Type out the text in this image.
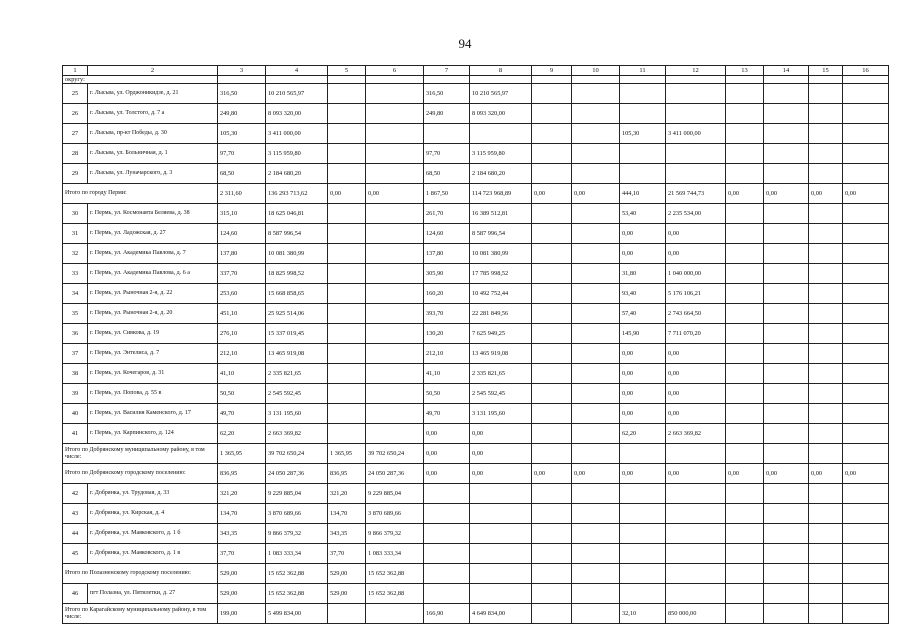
94
1	2	3	4	5	6	7	8	9	10	11	12	13	14	15	16
округу:															
25	г. Лысьва, ул. Орджоникидзе, д. 21	316,50	10 210 565,97			316,50	10 210 565,97								
26	г. Лысьва, ул. Толстого, д. 7 а	249,80	8 093 320,00			249,80	8 093 320,00								
27	г. Лысьва, пр-кт Победы, д. 30	105,30	3 411 000,00							105,30	3 411 000,00				
28	г. Лысьва, ул. Больничная, д. 1	97,70	3 115 959,80			97,70	3 115 959,80								
29	г. Лысьва, ул. Луначарского, д. 3	68,50	2 184 680,20			68,50	2 184 680,20								
Итого по городу Перми:		2 311,60	136 293 713,62	0,00	0,00	1 867,50	114 723 968,89	0,00	0,00	444,10	21 569 744,73	0,00	0,00	0,00	0,00
30	г. Пермь, ул. Космонавта Беляева, д. 38	315,10	18 625 046,81			261,70	16 389 512,81			53,40	2 235 534,00				
31	г. Пермь, ул. Ладожская, д. 27	124,60	8 587 996,54			124,60	8 587 996,54			0,00	0,00				
32	г. Пермь, ул. Академика Павлова, д. 7	137,80	10 081 380,99			137,80	10 081 380,99			0,00	0,00				
33	г. Пермь, ул. Академика Павлова, д. 6 а	337,70	18 825 998,52			305,90	17 785 998,52			31,80	1 040 000,00				
34	г. Пермь, ул. Рыночная 2-я, д. 22	253,60	15 668 858,65			160,20	10 492 752,44			93,40	5 176 106,21				
35	г. Пермь, ул. Рыночная 2-я, д. 20	451,10	25 925 514,06			393,70	22 281 849,56			57,40	2 743 664,50				
36	г. Пермь, ул. Сивкова, д. 19	276,10	15 337 019,45			130,20	7 625 949,25			145,90	7 711 070,20				
37	г. Пермь, ул. Энтелиса, д. 7	212,10	13 465 919,08			212,10	13 465 919,08			0,00	0,00				
38	г. Пермь, ул. Кочегаров, д. 31	41,10	2 335 821,65			41,10	2 335 821,65			0,00	0,00				
39	г. Пермь, ул. Попова, д. 55 в	50,50	2 545 592,45			50,50	2 545 592,45			0,00	0,00				
40	г. Пермь, ул. Василия Каменского, д. 17	49,70	3 131 195,60			49,70	3 131 195,60			0,00	0,00				
41	г. Пермь, ул. Карпинского, д. 124	62,20	2 663 369,82			0,00	0,00			62,20	2 663 369,82				
Итого по Добрянскому муниципальному району, в том числе:		1 365,95	39 702 650,24	1 365,95	39 702 650,24	0,00	0,00								
Итого по Добрянскому городскому поселению:		836,95	24 050 287,36	836,95	24 050 287,36	0,00	0,00	0,00	0,00	0,00	0,00	0,00	0,00	0,00	0,00
42	г. Добрянка, ул. Трудовая, д. 33	321,20	9 229 885,04	321,20	9 229 885,04										
43	г. Добрянка, ул. Кирская, д. 4	134,70	3 870 689,66	134,70	3 870 689,66										
44	г. Добрянка, ул. Маяковского, д. 1 б	343,35	9 866 379,32	343,35	9 866 379,32										
45	г. Добрянка, ул. Маяковского, д. 1 в	37,70	1 083 333,34	37,70	1 083 333,34										
Итого по Полазненскому городскому поселению:		529,00	15 652 362,88	529,00	15 652 362,88										
46	пгт Полазна, ул. Пятилетки, д. 27	529,00	15 652 362,88	529,00	15 652 362,88										
Итого по Карагайскому муниципальному району, в том числе:		199,00	5 499 834,00			166,90	4 649 834,00			32,10	850 000,00				
